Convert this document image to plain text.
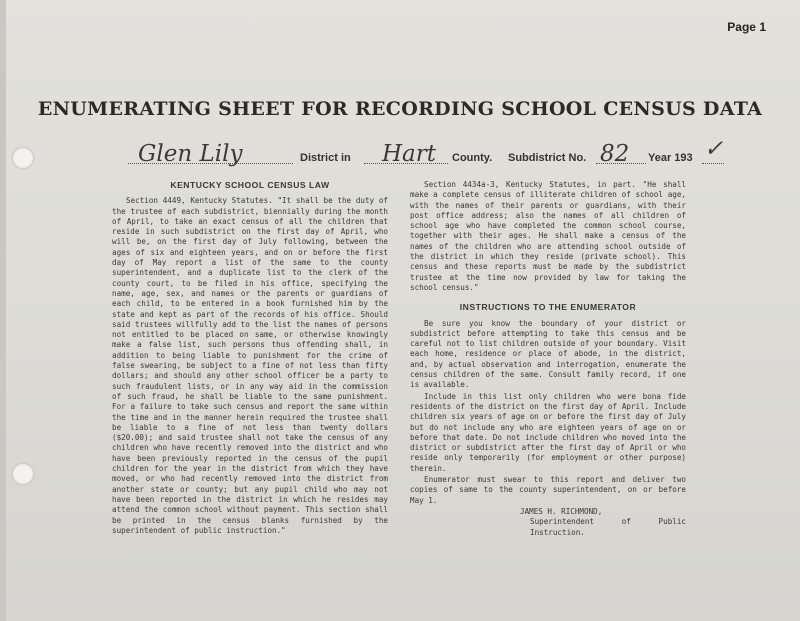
Page 1
ENUMERATING SHEET FOR RECORDING SCHOOL CENSUS DATA
Glen Lily	District in Hart County. Subdistrict No. 82 Year 193 ✓

KENTUCKY SCHOOL CENSUS LAW

Section 4449, Kentucky Statutes. "It shall be the duty of the trustee of each subdistrict, biennially during the month of April, to take an exact census of all the children that reside in such subdistrict on the first day of April, who will be, on the first day of July following, between the ages of six and eighteen years, and on or before the first day of May report a list of the same to the county superintendent, and a duplicate list to the clerk of the county court, to be filed in his office, specifying the name, age, sex, and names or the parents or guardians of each child, to be entered in a book furnished him by the state and kept as part of the records of his office. Should said trustees willfully add to the list the names of persons not entitled to be placed on same, or otherwise knowingly make a false list, such persons thus offending shall, in addition to being liable to punishment for the crime of false swearing, be subject to a fine of not less than fifty dollars; and should any other school officer be a party to such fraudulent lists, or in any way aid in the commission of such fraud, he shall be liable to the same punishment. For a failure to take such census and report the same within the time and in the manner herein required the trustee shall be liable to a fine of not less than twenty dollars ($20.00); and said trustee shall not take the census of any children who have recently removed into the district and who have been previously reported in the census of the pupil children for the year in the district from which they have moved, or who had recently removed into the district from another state or county; but any pupil child who may not have been reported in the district in which he resides may attend the common school without payment. This section shall be printed in the census blanks furnished by the superintendent of public instruction."

Section 4434a-3, Kentucky Statutes, in part. "He shall make a complete census of illiterate children of school age, with the names of their parents or guardians, with their post office address; also the names of all children of school age who have completed the common school course, together with their ages. He shall make a census of the names of the children who are attending school outside of the district in which they reside (private school). This census and these reports must be made by the subdistrict trustee at the time now provided by law for taking the school census."

INSTRUCTIONS TO THE ENUMERATOR

Be sure you know the boundary of your district or subdistrict before attempting to take this census and be careful not to list children outside of your boundary. Visit each home, residence or place of abode, in the district, and, by actual observation and interrogation, enumerate the census children of the same. Consult family record, if one is available.

Include in this list only children who were bona fide residents of the district on the first day of April. Include children six years of age on or before the first day of July but do not include any who are eighteen years of age on or before that date. Do not include children who moved into the district or subdistrict after the first day of April or who reside only temporarily (for employment or other purpose) therein.

Enumerator must swear to this report and deliver two copies of same to the county superintendent, on or before May 1.

JAMES H. RICHMOND,
Superintendent of Public Instruction.
